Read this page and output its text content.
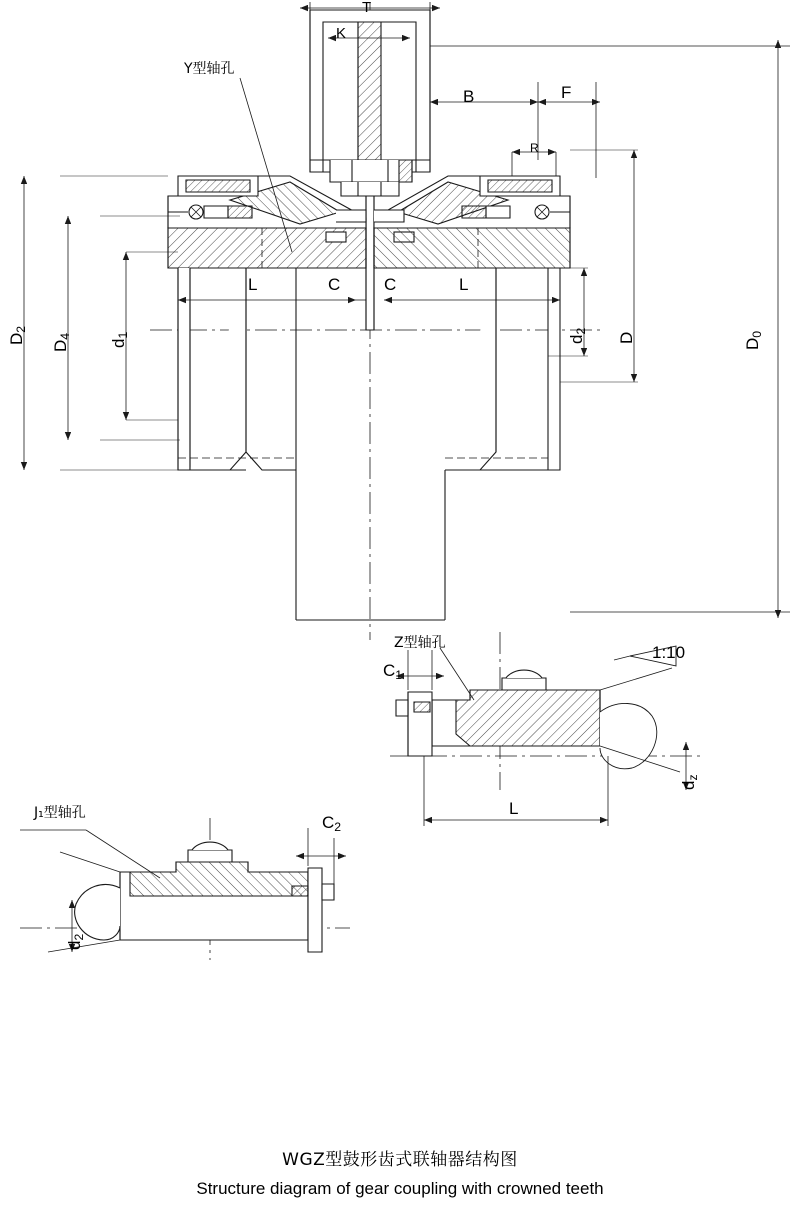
T
K
B	F
R
Y型轴孔
Z型轴孔
J₁型轴孔
1:10
$D_2$
$D_4$
$d_1$	D
$d_2$
$D_0$
L	L
C	C
$C_1$
L
$d_z$
$C_2$
$d_2$
WGZ型鼓形齿式联轴器结构图
Structure diagram of gear coupling with crowned teeth
